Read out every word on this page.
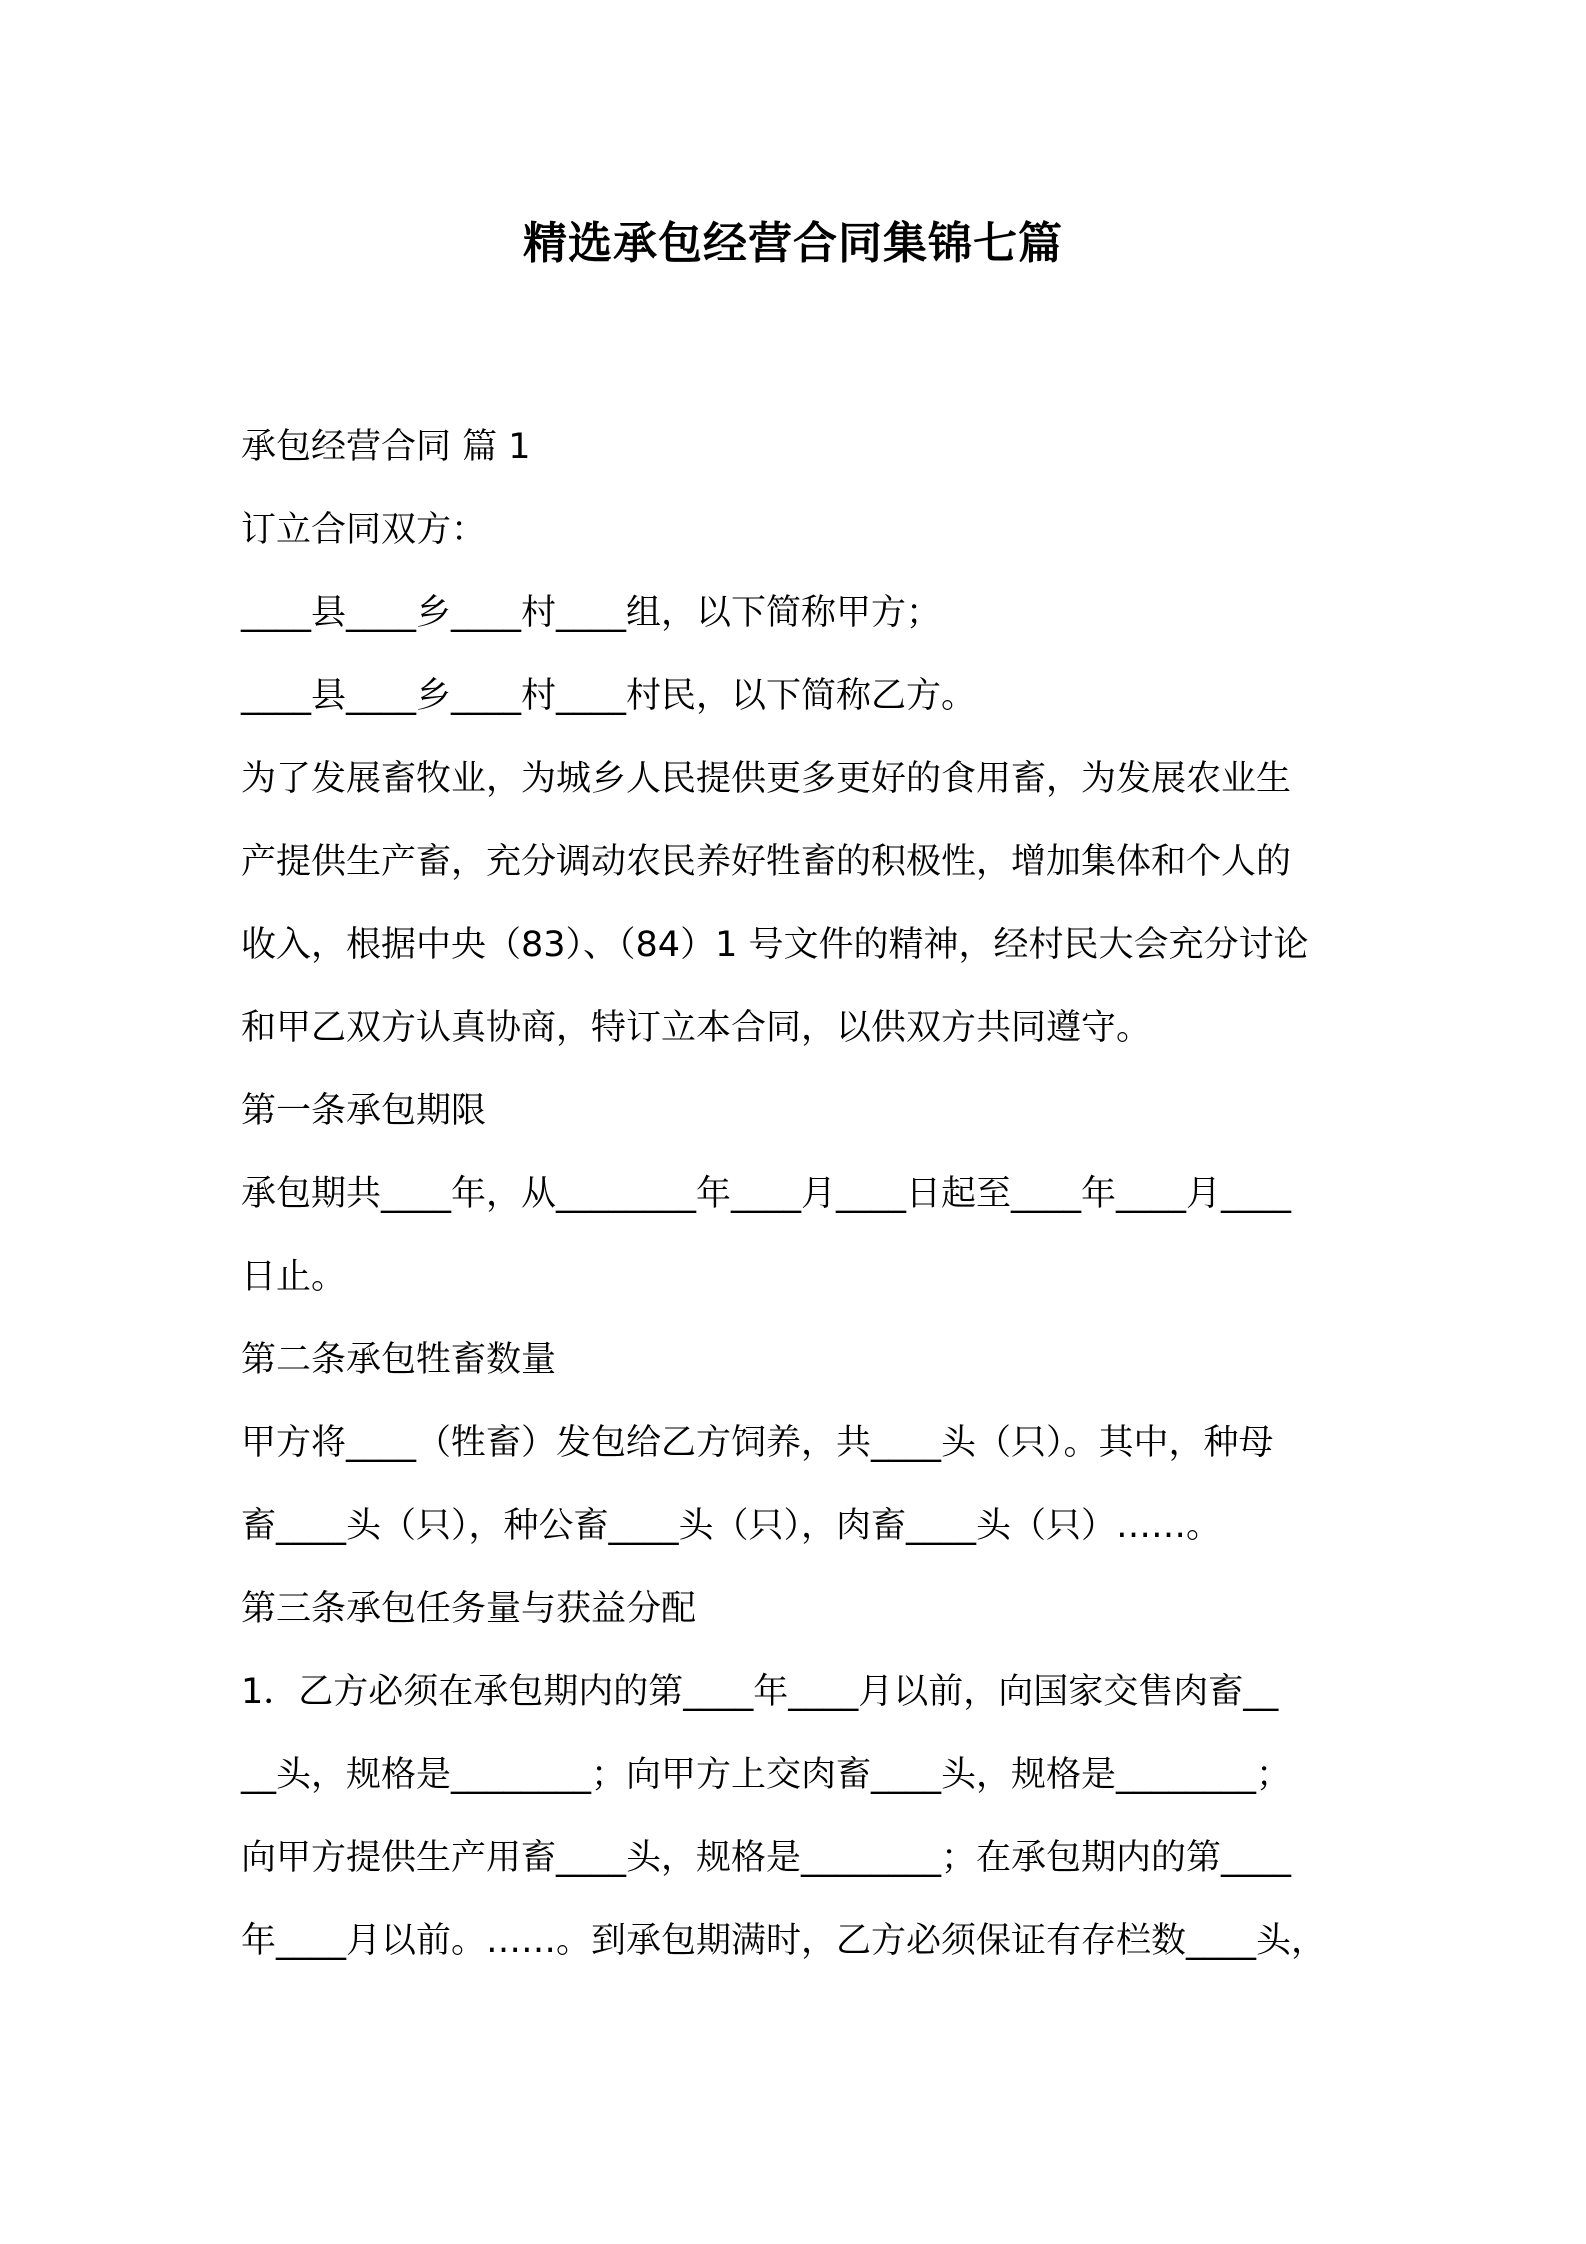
精选承包经营合同集锦七篇

承包经营合同 篇 1

订立合同双方：

____县____乡____村____组，以下简称甲方；

____县____乡____村____村民，以下简称乙方。

为了发展畜牧业，为城乡人民提供更多更好的食用畜，为发展农业生

产提供生产畜，充分调动农民养好牲畜的积极性，增加集体和个人的

收入，根据中央（83）、（84）1 号文件的精神，经村民大会充分讨论

和甲乙双方认真协商，特订立本合同，以供双方共同遵守。

第一条承包期限

承包期共____年，从________年____月____日起至____年____月____

日止。

第二条承包牲畜数量

甲方将____（牲畜）发包给乙方饲养，共____头（只）。其中，种母

畜____头（只），种公畜____头（只），肉畜____头（只）……。

第三条承包任务量与获益分配

1．乙方必须在承包期内的第____年____月以前，向国家交售肉畜__

__头，规格是________；向甲方上交肉畜____头，规格是________；

向甲方提供生产用畜____头，规格是________；在承包期内的第____

年____月以前。……。到承包期满时，乙方必须保证有存栏数____头，
